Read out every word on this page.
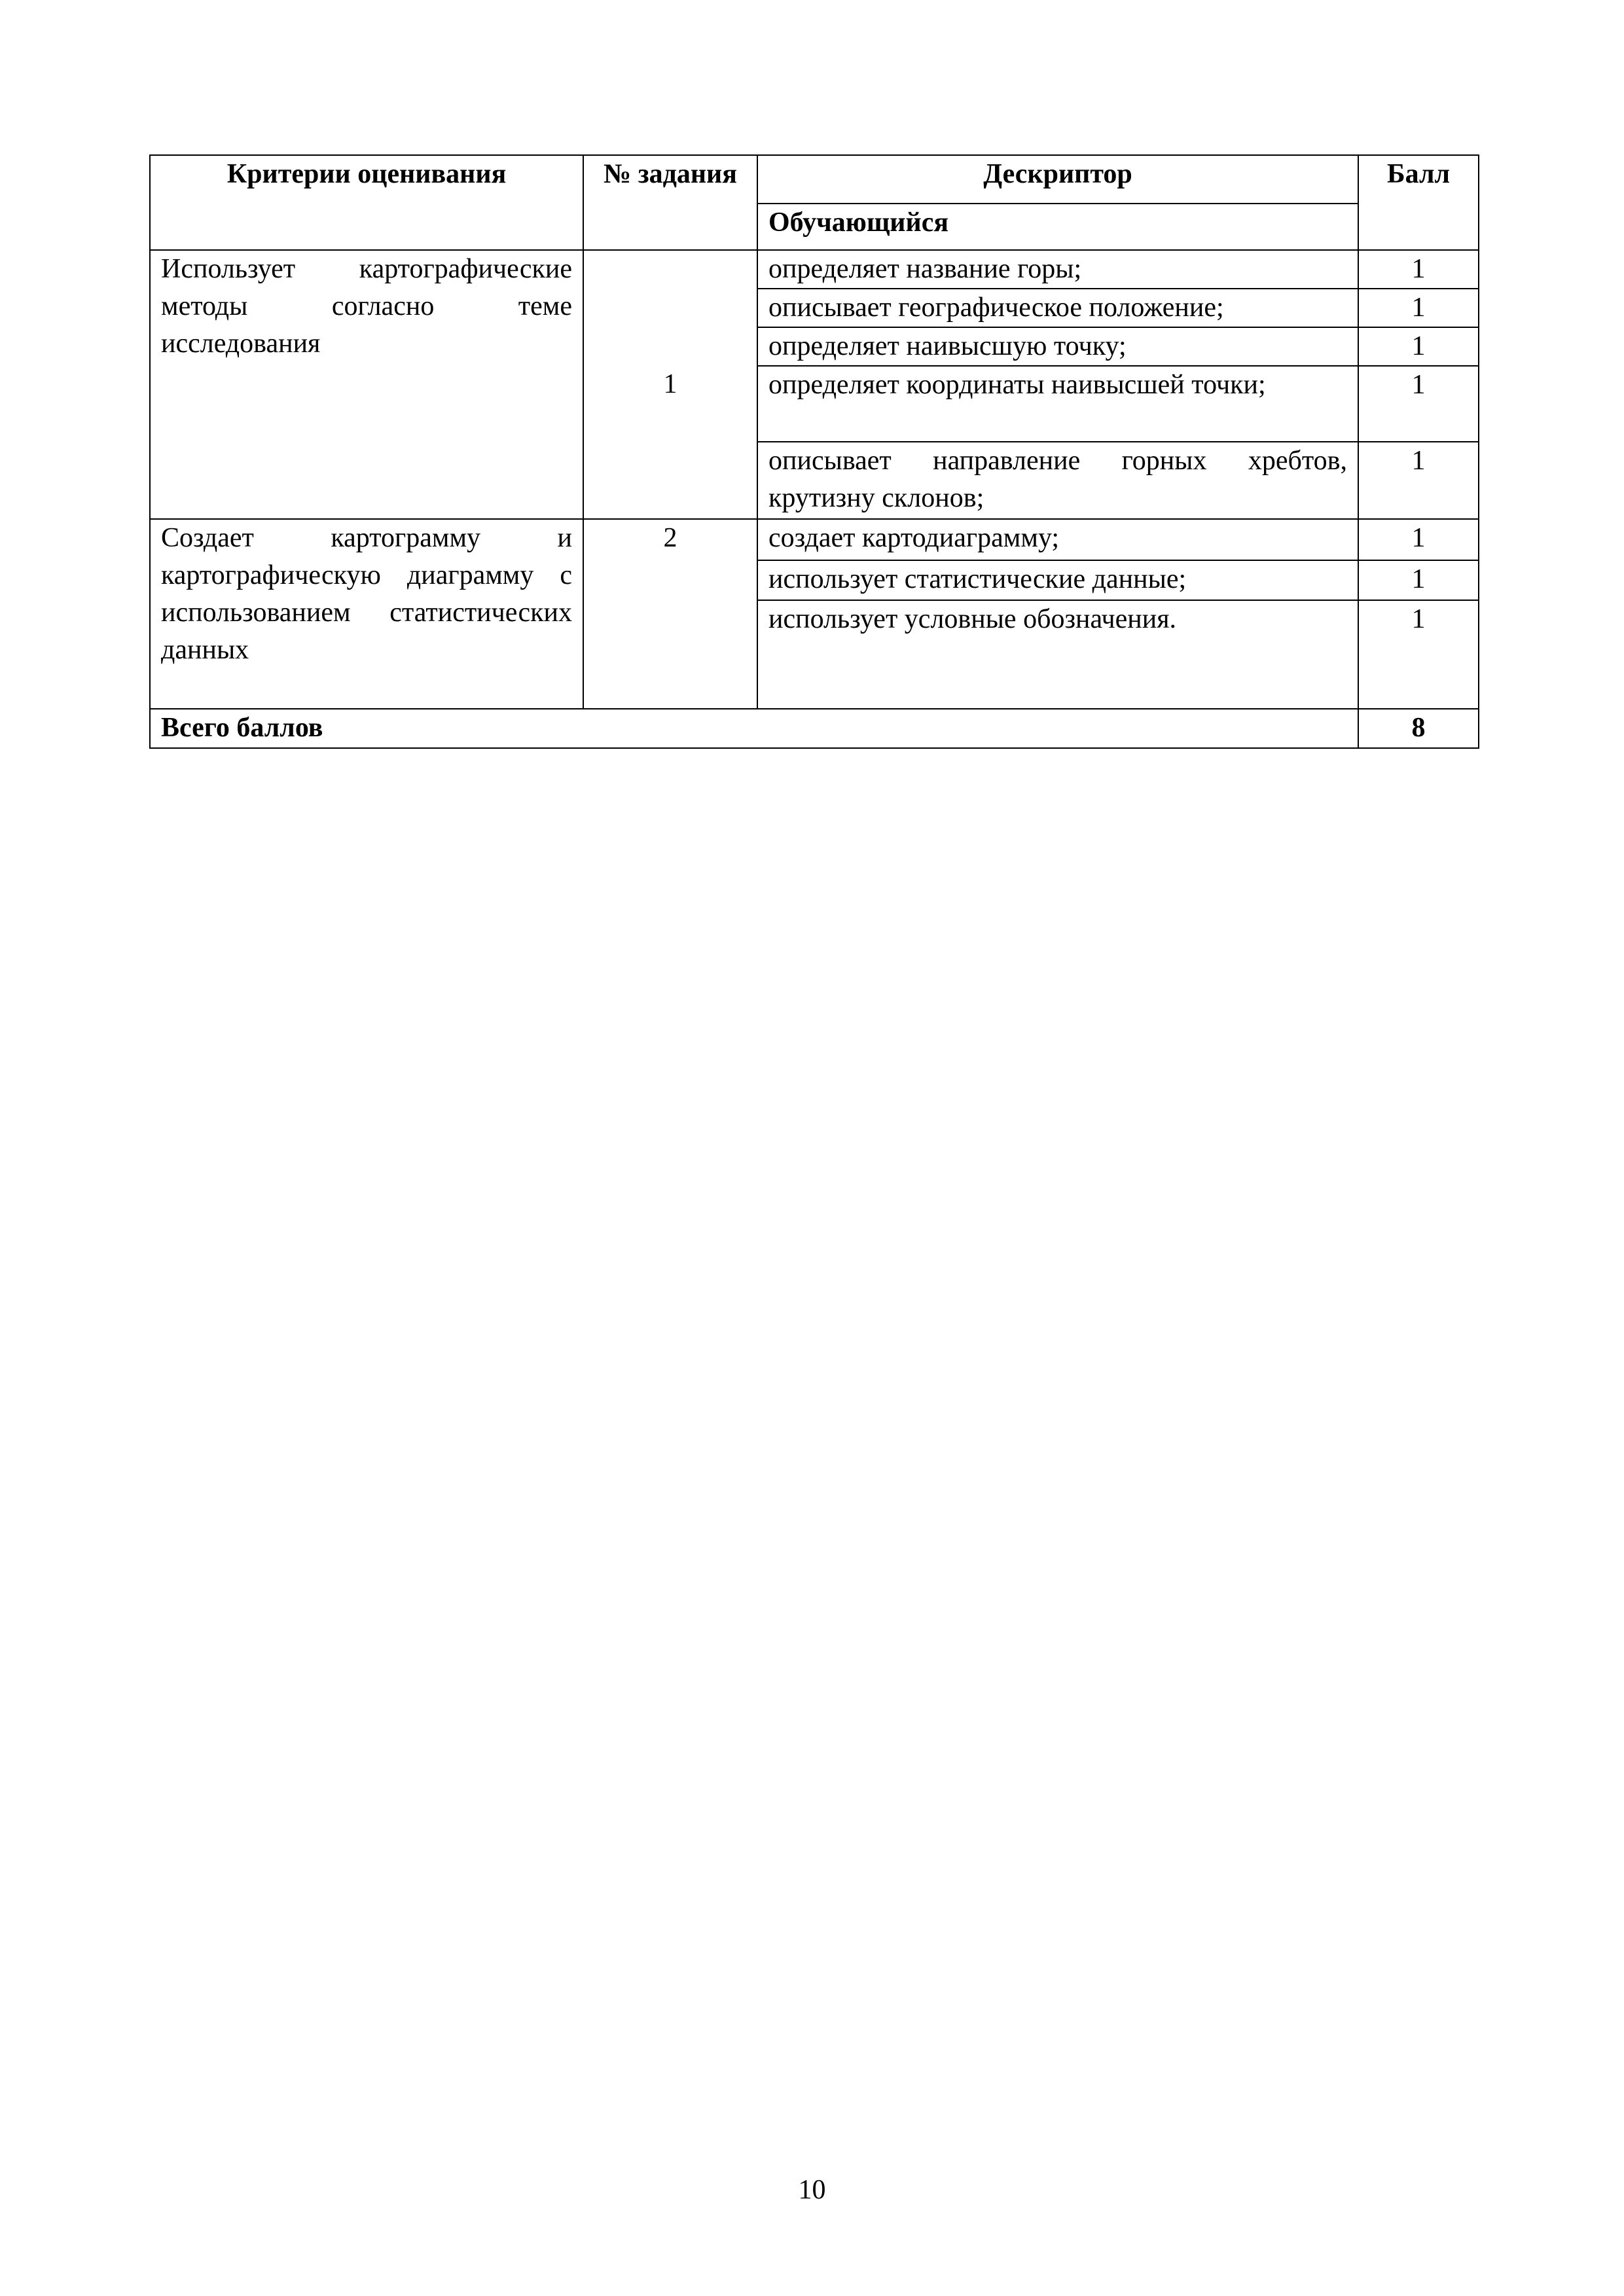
Критерии оценивания	№ задания	Дескриптор	Балл
		Обучающийся	
Использует картографические методы согласно теме исследования	1	определяет название горы;	1
		описывает географическое положение;	1
		определяет наивысшую точку;	1
		определяет координаты наивысшей точки;	1
		описывает направление горных хребтов, крутизну склонов;	1
Создает картограмму и картографическую диаграмму с использованием статистических данных	2	создает картодиаграмму;	1
		использует статистические данные;	1
		использует условные обозначения.	1
Всего баллов			8
10
